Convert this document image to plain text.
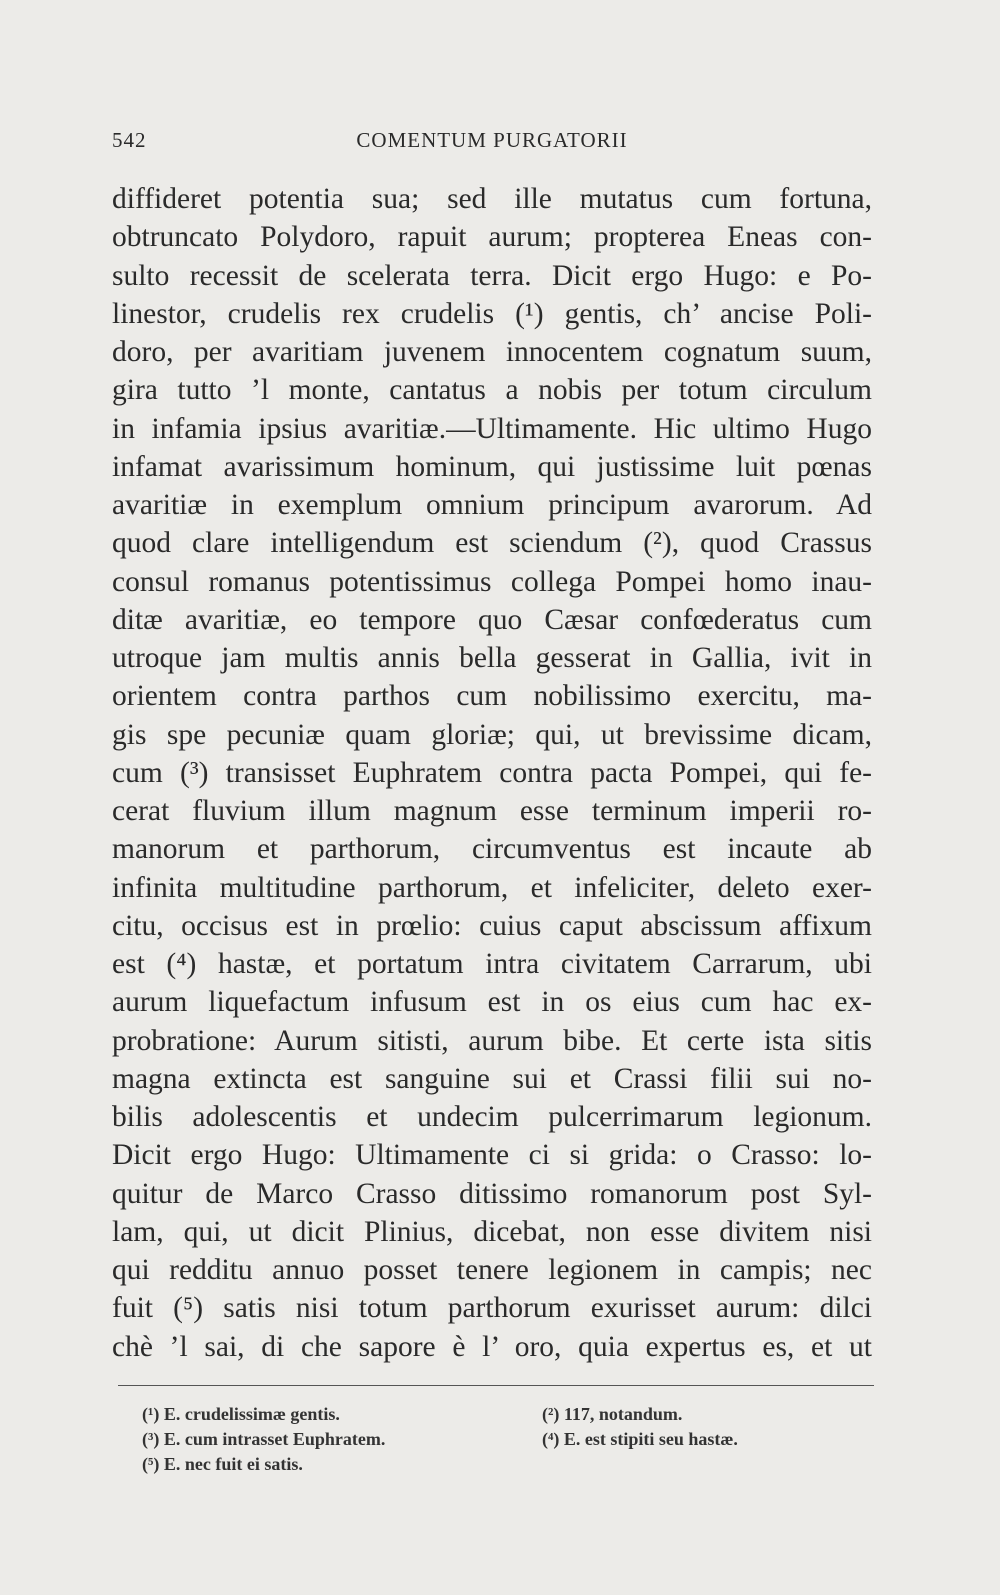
542	COMENTUM PURGATORII
diffideret potentia sua; sed ille mutatus cum fortuna,
obtruncato Polydoro, rapuit aurum; propterea Eneas con-
sulto recessit de scelerata terra. Dicit ergo Hugo: e Po-
linestor, crudelis rex crudelis (¹) gentis, ch’ ancise Poli-
doro, per avaritiam juvenem innocentem cognatum suum,
gira tutto ’l monte, cantatus a nobis per totum circulum
in infamia ipsius avaritiæ.—Ultimamente. Hic ultimo Hugo
infamat avarissimum hominum, qui justissime luit pœnas
avaritiæ in exemplum omnium principum avarorum. Ad
quod clare intelligendum est sciendum (²), quod Crassus
consul romanus potentissimus collega Pompei homo inau-
ditæ avaritiæ, eo tempore quo Cæsar confœderatus cum
utroque jam multis annis bella gesserat in Gallia, ivit in
orientem contra parthos cum nobilissimo exercitu, ma-
gis spe pecuniæ quam gloriæ; qui, ut brevissime dicam,
cum (³) transisset Euphratem contra pacta Pompei, qui fe-
cerat fluvium illum magnum esse terminum imperii ro-
manorum et parthorum, circumventus est incaute ab
infinita multitudine parthorum, et infeliciter, deleto exer-
citu, occisus est in prœlio: cuius caput abscissum affixum
est (⁴) hastæ, et portatum intra civitatem Carrarum, ubi
aurum liquefactum infusum est in os eius cum hac ex-
probratione: Aurum sitisti, aurum bibe. Et certe ista sitis
magna extincta est sanguine sui et Crassi filii sui no-
bilis adolescentis et undecim pulcerrimarum legionum.
Dicit ergo Hugo: Ultimamente ci si grida: o Crasso: lo-
quitur de Marco Crasso ditissimo romanorum post Syl-
lam, qui, ut dicit Plinius, dicebat, non esse divitem nisi
qui redditu annuo posset tenere legionem in campis; nec
fuit (⁵) satis nisi totum parthorum exurisset aurum: dilci
chè ’l sai, di che sapore è l’ oro, quia expertus es, et ut
(¹) E. crudelissimæ gentis.	(²) 117, notandum.
(³) E. cum intrasset Euphratem.	(⁴) E. est stipiti seu hastæ.
(⁵) E. nec fuit ei satis.
